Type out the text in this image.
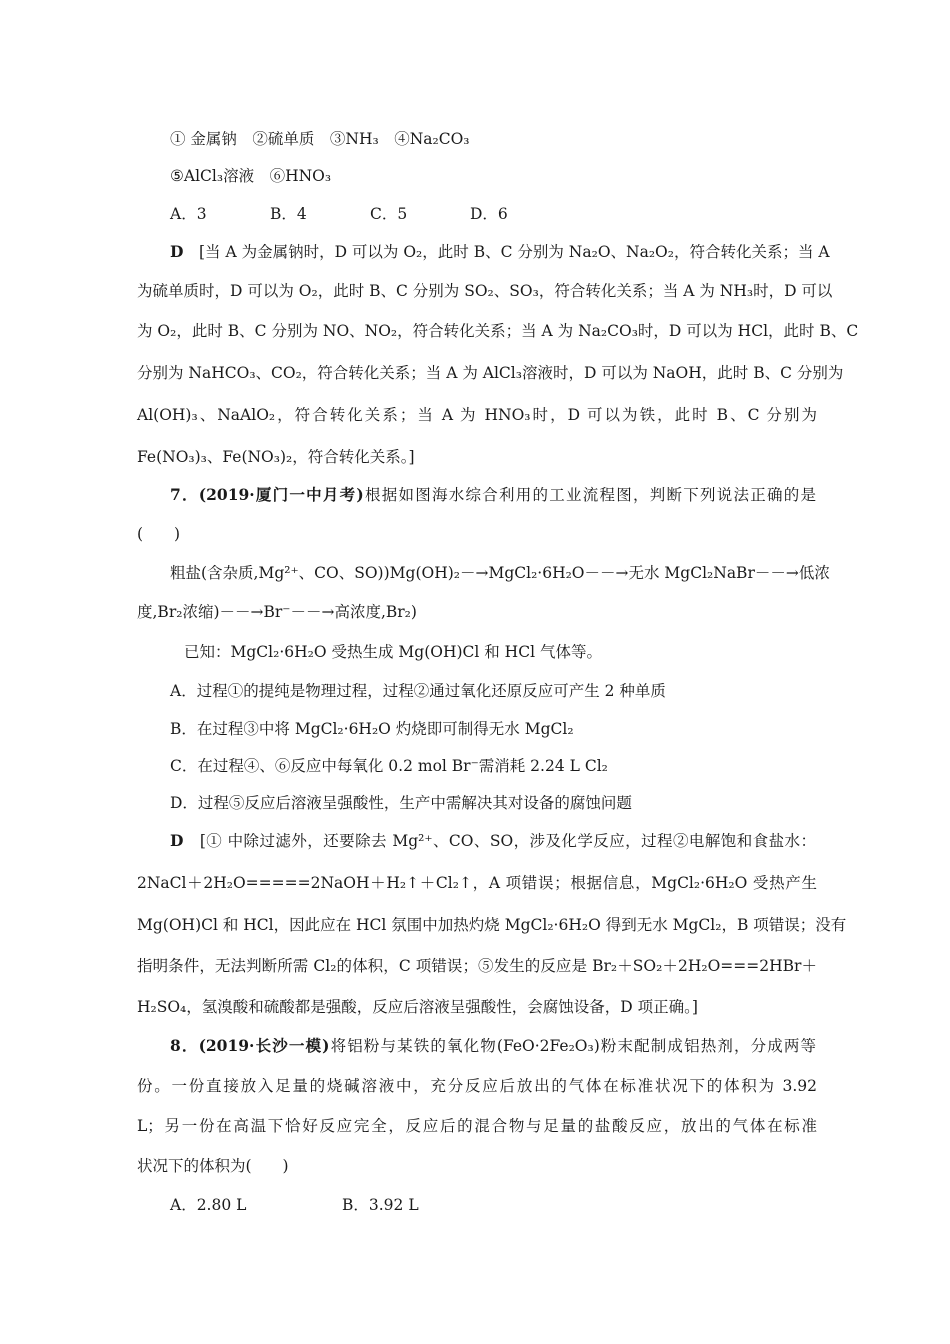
① 金属钠　②硫单质　③NH₃　④Na₂CO₃
⑤AlCl₃溶液　⑥HNO₃
A．3	B．4	C．5	D．6
D　 [当 A 为金属钠时，D 可以为 O₂，此时 B、C 分别为 Na₂O、Na₂O₂，符合转化关系；当 A
为硫单质时，D 可以为 O₂，此时 B、C 分别为 SO₂、SO₃，符合转化关系；当 A 为 NH₃时，D 可以
为 O₂，此时 B、C 分别为 NO、NO₂，符合转化关系；当 A 为 Na₂CO₃时，D 可以为 HCl，此时 B、C
分别为 NaHCO₃、CO₂，符合转化关系；当 A 为 AlCl₃溶液时，D 可以为 NaOH，此时 B、C 分别为
Al(OH)₃、NaAlO₂，符合转化关系；当 A 为 HNO₃时，D 可以为铁，此时 B、C 分别为
Fe(NO₃)₃、Fe(NO₃)₂，符合转化关系。]
7．(2019·厦门一中月考)根据如图海水综合利用的工业流程图，判断下列说法正确的是
(　　)
粗盐(含杂质,Mg²⁺、CO、SO))Mg(OH)₂－→MgCl₂·6H₂O－－→无水 MgCl₂NaBr－－→低浓
度,Br₂浓缩)－－→Br⁻－－→高浓度,Br₂)
已知：MgCl₂·6H₂O 受热生成 Mg(OH)Cl 和 HCl 气体等。
A．过程①的提纯是物理过程，过程②通过氧化还原反应可产生 2 种单质
B．在过程③中将 MgCl₂·6H₂O 灼烧即可制得无水 MgCl₂
C．在过程④、⑥反应中每氧化 0.2 mol Br⁻需消耗 2.24 L Cl₂
D．过程⑤反应后溶液呈强酸性，生产中需解决其对设备的腐蚀问题
D　 [① 中除过滤外，还要除去 Mg²⁺、CO、SO，涉及化学反应，过程②电解饱和食盐水：
2NaCl＋2H₂O=====2NaOH＋H₂↑＋Cl₂↑，A 项错误；根据信息，MgCl₂·6H₂O 受热产生
Mg(OH)Cl 和 HCl，因此应在 HCl 氛围中加热灼烧 MgCl₂·6H₂O 得到无水 MgCl₂，B 项错误；没有
指明条件，无法判断所需 Cl₂的体积，C 项错误；⑤发生的反应是 Br₂＋SO₂＋2H₂O===2HBr＋
H₂SO₄，氢溴酸和硫酸都是强酸，反应后溶液呈强酸性，会腐蚀设备，D 项正确。]
8．(2019·长沙一模)将铝粉与某铁的氧化物(FeO·2Fe₂O₃)粉末配制成铝热剂，分成两等
份。一份直接放入足量的烧碱溶液中，充分反应后放出的气体在标准状况下的体积为 3.92
L；另一份在高温下恰好反应完全，反应后的混合物与足量的盐酸反应，放出的气体在标准
状况下的体积为(　　)
A．2.80 L	B．3.92 L
